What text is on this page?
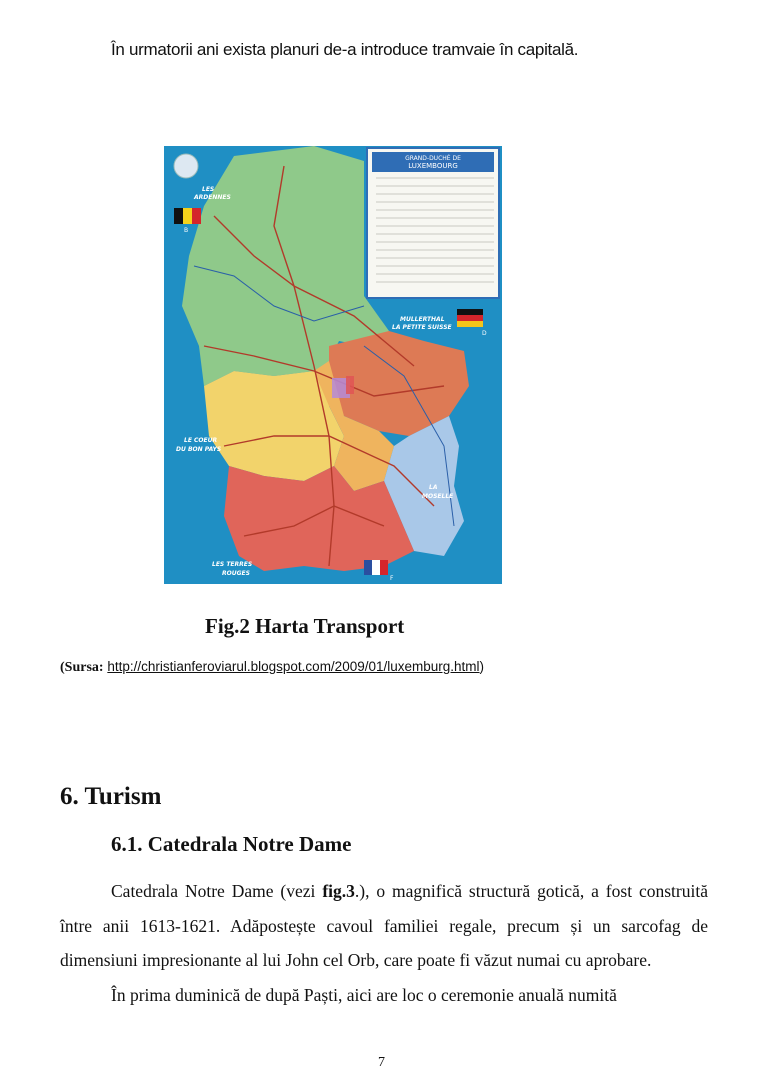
În urmatorii ani exista planuri de-a introduce tramvaie în capitală.
GRAND-DUCHÉ DE
LUXEMBOURG
LES
ARDENNES
MULLERTHAL
LA PETITE SUISSE
LE COEUR
DU BON PAYS
LA
MOSELLE
LES TERRES
ROUGES
B
D
F
Fig.2 Harta Transport
(Sursa: http://christianferoviarul.blogspot.com/2009/01/luxemburg.html)
6. Turism
6.1. Catedrala Notre Dame

Catedrala Notre Dame (vezi fig.3.), o magnifică structură gotică, a fost construită între anii 1613-1621. Adăpostește cavoul familiei regale, precum și un sarcofag de dimensiuni impresionante al lui John cel Orb, care poate fi văzut numai cu aprobare.

În prima duminică de după Paști, aici are loc o ceremonie anuală numită

7
